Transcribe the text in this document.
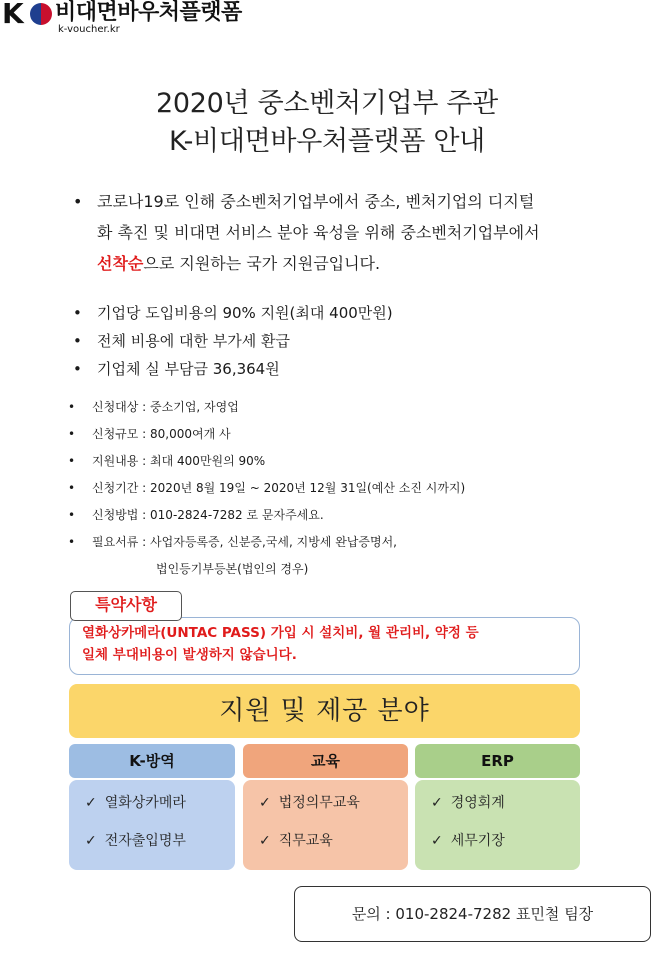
K 비대면바우처플랫폼
k-voucher.kr
2020년 중소벤처기업부 주관
K-비대면바우처플랫폼 안내
• 코로나19로 인해 중소벤처기업부에서 중소, 벤처기업의 디지털
화 촉진 및 비대면 서비스 분야 육성을 위해 중소벤처기업부에서
선착순으로 지원하는 국가 지원금입니다.
• 기업당 도입비용의 90% 지원(최대 400만원)
• 전체 비용에 대한 부가세 환급
• 기업체 실 부담금 36,364원
• 신청대상 : 중소기업, 자영업
• 신청규모 : 80,000여개 사
• 지원내용 : 최대 400만원의 90%
• 신청기간 : 2020년 8월 19일 ~ 2020년 12월 31일(예산 소진 시까지)
• 신청방법 : 010-2824-7282 로 문자주세요.
• 필요서류 : 사업자등록증, 신분증,국세, 지방세 완납증명서,
법인등기부등본(법인의 경우)
특약사항
열화상카메라(UNTAC PASS) 가입 시 설치비, 월 관리비, 약정 등
일체 부대비용이 발생하지 않습니다.
지원 및 제공 분야
K-방역
✓ 열화상카메라
✓ 전자출입명부
교육
✓ 법정의무교육
✓ 직무교육
ERP
✓ 경영회계
✓ 세무기장
문의 : 010-2824-7282 표민철 팀장
